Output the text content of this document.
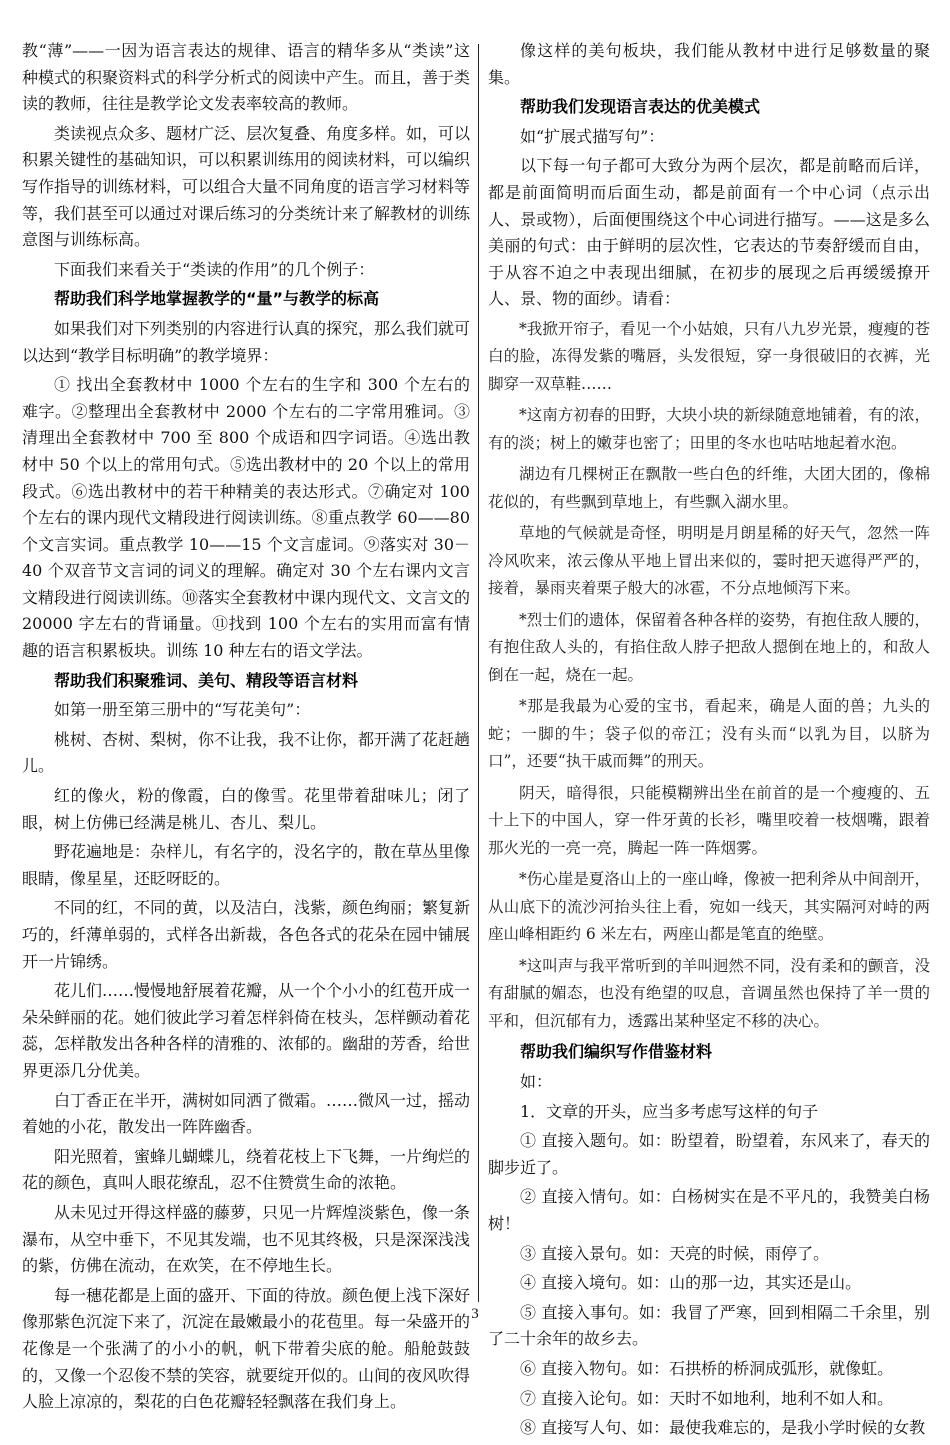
教“薄”——一因为语言表达的规律、语言的精华多从“类读”这种模式的积聚资料式的科学分析式的阅读中产生。而且，善于类读的教师，往往是教学论文发表率较高的教师。

类读视点众多、题材广泛、层次复叠、角度多样。如，可以积累关键性的基础知识，可以积累训练用的阅读材料，可以编织写作指导的训练材料，可以组合大量不同角度的语言学习材料等等，我们甚至可以通过对课后练习的分类统计来了解教材的训练意图与训练标高。

下面我们来看关于“类读的作用”的几个例子：

帮助我们科学地掌握教学的“量”与教学的标高

如果我们对下列类别的内容进行认真的探究，那么我们就可以达到“教学目标明确”的教学境界：

① 找出全套教材中 1000 个左右的生字和 300 个左右的难字。②整理出全套教材中 2000 个左右的二字常用雅词。③清理出全套教材中 700 至 800 个成语和四字词语。④选出教材中 50 个以上的常用句式。⑤选出教材中的 20 个以上的常用段式。⑥选出教材中的若干种精美的表达形式。⑦确定对 100 个左右的课内现代文精段进行阅读训练。⑧重点教学 60——80 个文言实词。重点教学 10——15 个文言虚词。⑨落实对 30－40 个双音节文言词的词义的理解。确定对 30 个左右课内文言文精段进行阅读训练。⑩落实全套教材中课内现代文、文言文的 20000 字左右的背诵量。⑪找到 100 个左右的实用而富有情趣的语言积累板块。训练 10 种左右的语文学法。

帮助我们积聚雅词、美句、精段等语言材料

如第一册至第三册中的“写花美句”：

桃树、杏树、梨树，你不让我，我不让你，都开满了花赶趟儿。

红的像火，粉的像霞，白的像雪。花里带着甜味儿；闭了眼，树上仿佛已经满是桃儿、杏儿、梨儿。

野花遍地是：杂样儿，有名字的，没名字的，散在草丛里像眼睛，像星星，还眨呀眨的。

不同的红，不同的黄，以及洁白，浅紫，颜色绚丽；繁复新巧的，纤薄单弱的，式样各出新裁，各色各式的花朵在园中铺展开一片锦绣。

花儿们……慢慢地舒展着花瓣，从一个个小小的红苞开成一朵朵鲜丽的花。她们彼此学习着怎样斜倚在枝头，怎样颤动着花蕊，怎样散发出各种各样的清雅的、浓郁的。幽甜的芳香，给世界更添几分优美。

白丁香正在半开，满树如同洒了微霜。……微风一过，摇动着她的小花，散发出一阵阵幽香。

阳光照着，蜜蜂儿蝴蝶儿，绕着花枝上下飞舞，一片绚烂的花的颜色，真叫人眼花缭乱，忍不住赞赏生命的浓艳。

从未见过开得这样盛的藤萝，只见一片辉煌淡紫色，像一条瀑布，从空中垂下，不见其发端，也不见其终极，只是深深浅浅的紫，仿佛在流动，在欢笑，在不停地生长。

每一穗花都是上面的盛开、下面的待放。颜色便上浅下深好像那紫色沉淀下来了，沉淀在最嫩最小的花苞里。每一朵盛开的花像是一个张满了的小小的帆，帆下带着尖底的舱。船舱鼓鼓的，又像一个忍俊不禁的笑容，就要绽开似的。山间的夜风吹得人脸上凉凉的，梨花的白色花瓣轻轻飘落在我们身上。

像这样的美句板块，我们能从教材中进行足够数量的聚集。

帮助我们发现语言表达的优美模式

如“扩展式描写句”：

以下每一句子都可大致分为两个层次，都是前略而后详，都是前面简明而后面生动，都是前面有一个中心词（点示出人、景或物），后面便围绕这个中心词进行描写。——这是多么美丽的句式：由于鲜明的层次性，它表达的节奏舒缓而自由，于从容不迫之中表现出细腻，在初步的展现之后再缓缓撩开人、景、物的面纱。请看：

*我掀开帘子，看见一个小姑娘，只有八九岁光景，瘦瘦的苍白的脸，冻得发紫的嘴唇，头发很短，穿一身很破旧的衣裤，光脚穿一双草鞋……

*这南方初春的田野，大块小块的新绿随意地铺着，有的浓，有的淡；树上的嫩芽也密了；田里的冬水也咕咕地起着水泡。

湖边有几棵树正在飘散一些白色的纤维，大团大团的，像棉花似的，有些飘到草地上，有些飘入湖水里。

草地的气候就是奇怪，明明是月朗星稀的好天气，忽然一阵冷风吹来，浓云像从平地上冒出来似的，霎时把天遮得严严的，接着，暴雨夹着栗子般大的冰雹，不分点地倾泻下来。

*烈士们的遗体，保留着各种各样的姿势，有抱住敌人腰的，有抱住敌人头的，有掐住敌人脖子把敌人摁倒在地上的，和敌人倒在一起，烧在一起。

*那是我最为心爱的宝书，看起来，确是人面的兽；九头的蛇；一脚的牛；袋子似的帝江；没有头而“以乳为目，以脐为口”，还要“执干戚而舞”的刑天。

阴天，暗得很，只能模糊辨出坐在前首的是一个瘦瘦的、五十上下的中国人，穿一件牙黄的长衫，嘴里咬着一枝烟嘴，跟着那火光的一亮一亮，腾起一阵一阵烟雾。

*伤心崖是夏洛山上的一座山峰，像被一把利斧从中间剖开，从山底下的流沙河抬头往上看，宛如一线天，其实隔河对峙的两座山峰相距约 6 米左右，两座山都是笔直的绝壁。

*这叫声与我平常听到的羊叫迥然不同，没有柔和的颤音，没有甜腻的媚态，也没有绝望的叹息，音调虽然也保持了羊一贯的平和，但沉郁有力，透露出某种坚定不移的决心。

帮助我们编织写作借鉴材料

如：

1．文章的开头，应当多考虑写这样的句子

① 直接入题句。如：盼望着，盼望着，东风来了，春天的脚步近了。

② 直接入情句。如：白杨树实在是不平凡的，我赞美白杨树！

③ 直接入景句。如：天亮的时候，雨停了。

④ 直接入境句。如：山的那一边，其实还是山。

⑤ 直接入事句。如：我冒了严寒，回到相隔二千余里，别了二十余年的故乡去。

⑥ 直接入物句。如：石拱桥的桥洞成弧形，就像虹。

⑦ 直接入论句。如：天时不如地利，地利不如人和。

⑧ 直接写人句、如：最使我难忘的，是我小学时候的女教

3
